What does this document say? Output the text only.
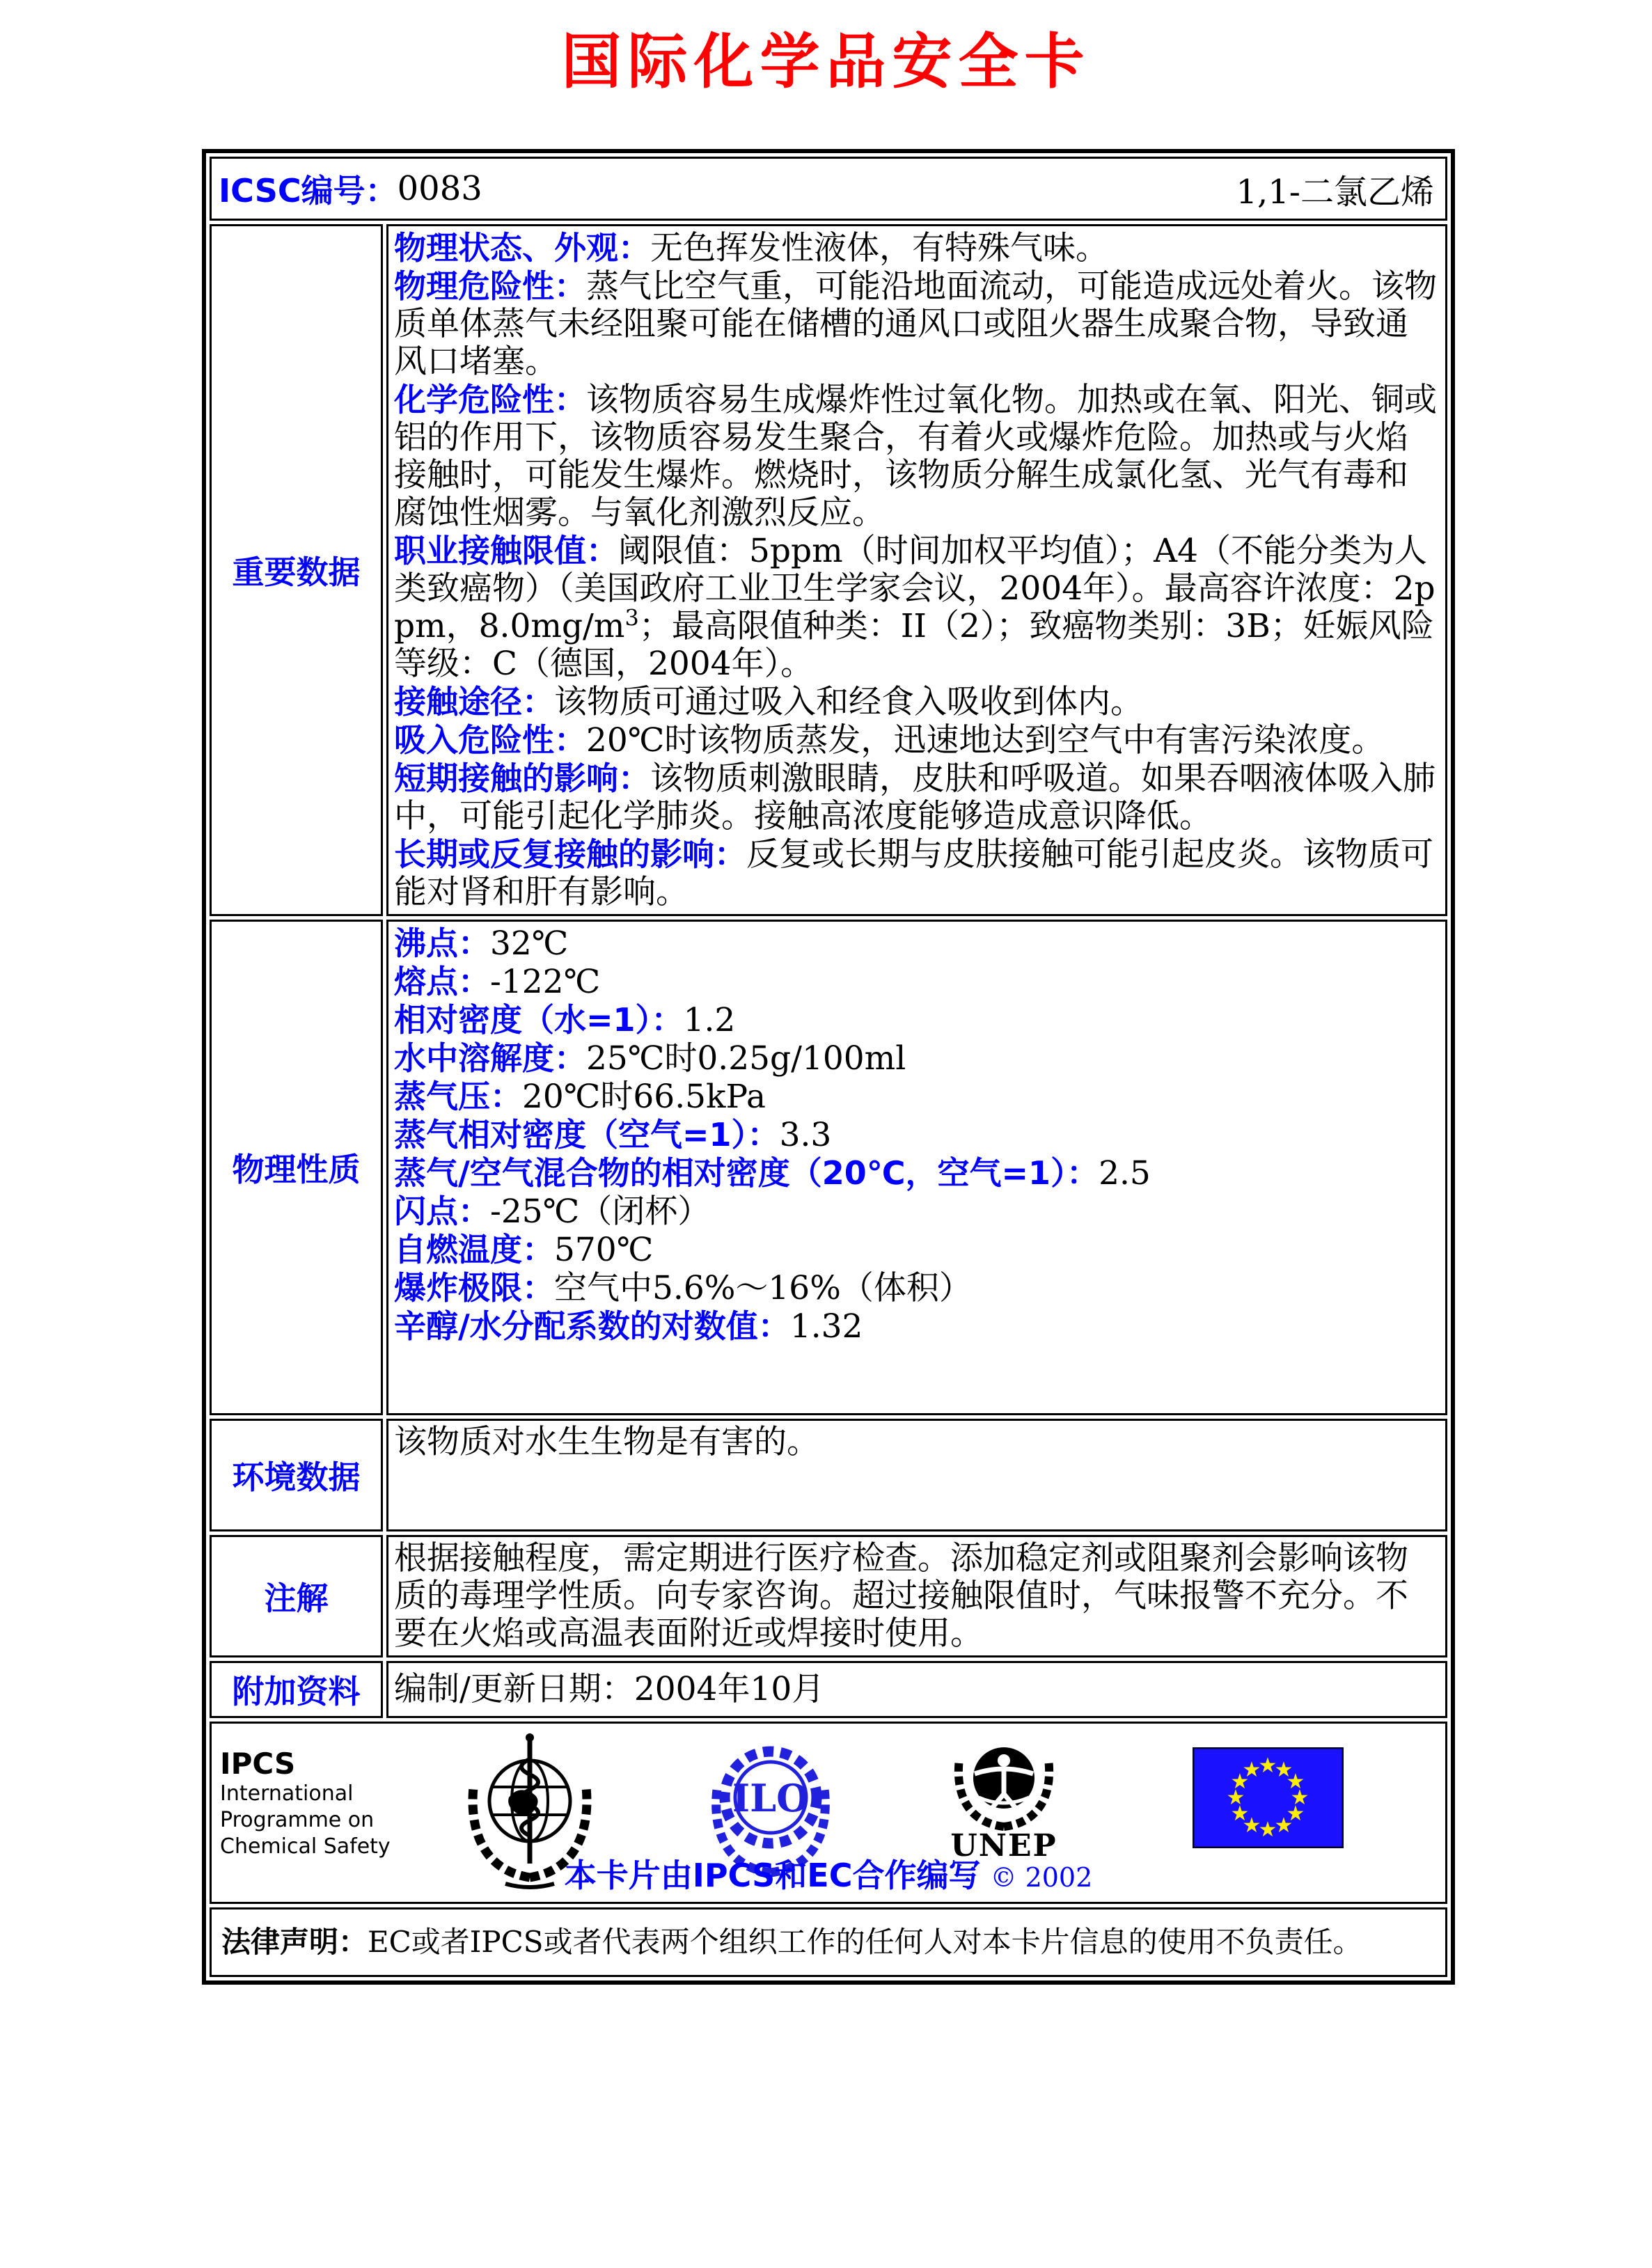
国际化学品安全卡
ICSC编号： 0083	1,1-二氯乙烯
重要数据

物理状态、外观：无色挥发性液体，有特殊气味。

物理危险性：蒸气比空气重，可能沿地面流动，可能造成远处着火。该物质单体蒸气未经阻聚可能在储槽的通风口或阻火器生成聚合物，导致通风口堵塞。

化学危险性：该物质容易生成爆炸性过氧化物。加热或在氧、阳光、铜或铝的作用下，该物质容易发生聚合，有着火或爆炸危险。加热或与火焰接触时，可能发生爆炸。燃烧时，该物质分解生成氯化氢、光气有毒和腐蚀性烟雾。与氧化剂激烈反应。

职业接触限值：阈限值：5ppm（时间加权平均值）；A4（不能分类为人类致癌物）（美国政府工业卫生学家会议，2004年）。最高容许浓度：2ppm，$8.0mg/m^3$；最高限值种类：II（2）；致癌物类别：3B；妊娠风险等级：C（德国，2004年）。

接触途径：该物质可通过吸入和经食入吸收到体内。

吸入危险性：20℃时该物质蒸发，迅速地达到空气中有害污染浓度。

短期接触的影响：该物质刺激眼睛，皮肤和呼吸道。如果吞咽液体吸入肺中，可能引起化学肺炎。接触高浓度能够造成意识降低。

长期或反复接触的影响：反复或长期与皮肤接触可能引起皮炎。该物质可能对肾和肝有影响。

物理性质

沸点：32℃

熔点：-122℃

相对密度（水=1）：1.2

水中溶解度：25℃时0.25g/100ml

蒸气压：20℃时66.5kPa

蒸气相对密度（空气=1）：3.3

蒸气/空气混合物的相对密度（20℃，空气=1）：2.5

闪点：-25℃（闭杯）

自燃温度：570℃

爆炸极限：空气中5.6%～16%（体积）

辛醇/水分配系数的对数值：1.32

环境数据

该物质对水生生物是有害的。

注解

根据接触程度，需定期进行医疗检查。添加稳定剂或阻聚剂会影响该物质的毒理学性质。向专家咨询。超过接触限值时，气味报警不充分。不要在火焰或高温表面附近或焊接时使用。

附加资料	编制/更新日期：2004年10月

IPCS
International
Programme on
Chemical Safety
ILO
UNEP
★
★
★
★
★
★
★
★
★
★
★
★
本卡片由IPCS和EC合作编写 © 2002
法律声明： EC或者IPCS或者代表两个组织工作的任何人对本卡片信息的使用不负责任。
